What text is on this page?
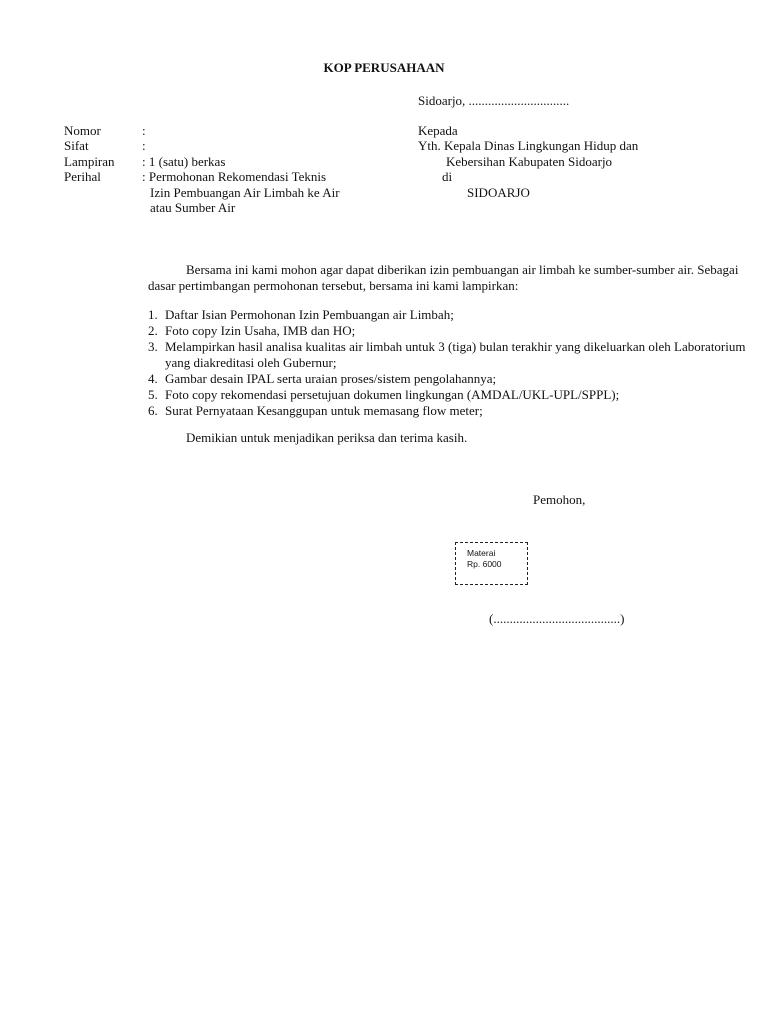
KOP PERUSAHAAN
Sidoarjo, ...............................
Nomor	:
Sifat	:
Lampiran : 1 (satu) berkas
Perihal	: Permohonan Rekomendasi Teknis
Izin Pembuangan Air Limbah ke Air
atau Sumber Air
Kepada
Yth. Kepala Dinas Lingkungan Hidup dan
Kebersihan Kabupaten Sidoarjo
di
SIDOARJO
Bersama ini kami mohon agar dapat diberikan izin pembuangan air limbah ke sumber-sumber air. Sebagai dasar pertimbangan permohonan tersebut, bersama ini kami lampirkan:
1. Daftar Isian Permohonan Izin Pembuangan air Limbah;
2. Foto copy Izin Usaha, IMB dan HO;
3. Melampirkan hasil analisa kualitas air limbah untuk 3 (tiga) bulan terakhir yang dikeluarkan oleh Laboratorium yang diakreditasi oleh Gubernur;
4. Gambar desain IPAL serta uraian proses/sistem pengolahannya;
5. Foto copy rekomendasi persetujuan dokumen lingkungan (AMDAL/UKL-UPL/SPPL);
6. Surat Pernyataan Kesanggupan untuk memasang flow meter;
Demikian untuk menjadikan periksa dan terima kasih.
Pemohon,
Materai
Rp. 6000
(.......................................)
